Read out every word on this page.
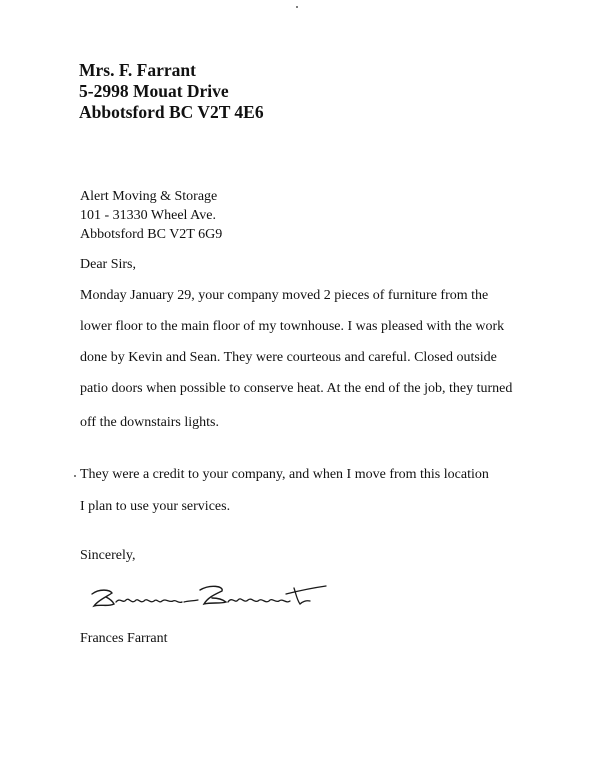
Mrs. F. Farrant
5-2998 Mouat Drive
Abbotsford BC V2T 4E6
Alert Moving & Storage
101 - 31330 Wheel Ave.
Abbotsford BC V2T 6G9
Dear Sirs,
Monday January 29, your company moved 2 pieces of furniture from the
lower floor to the main floor of my townhouse. I was pleased with the work
done by Kevin and Sean. They were courteous and careful. Closed outside
patio doors when possible to conserve heat. At the end of the job, they turned
off the downstairs lights.
They were a credit to your company, and when I move from this location
I plan to use your services.
Sincerely,
Frances Farrant
